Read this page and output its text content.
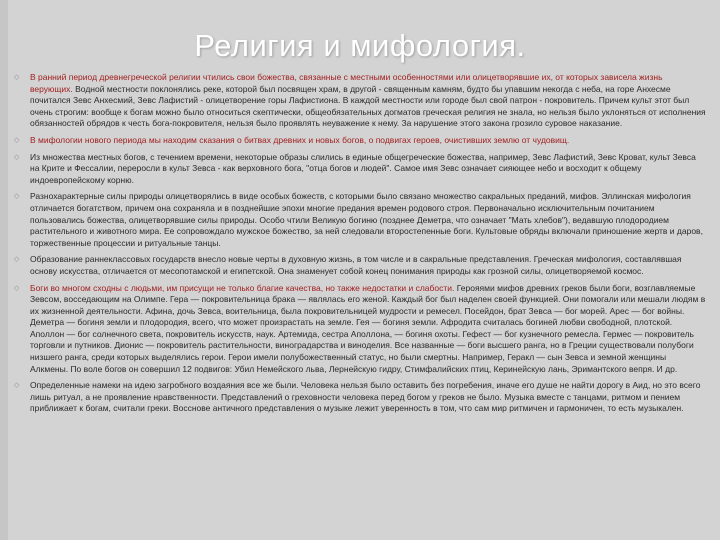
Религия и мифология.
◇	В ранний период древнегреческой религии чтились свои божества, связанные с местными особенностями или олицетворявшие их, от которых зависела жизнь верующих. Водной местности поклонялись реке, которой был посвящен храм, в другой - священным камням, будто бы упавшим некогда с неба, на горе Анхесме почитался Зевс Анхесмий, Зевс Лафистий - олицетворение горы Лафистиона. В каждой местности или городе был свой патрон - покровитель. Причем культ этот был очень строгим: вообще к богам можно было относиться скептически, общеобязательных догматов греческая религия не знала, но нельзя было уклоняться от исполнения обязанностей обрядов к честь бога-покровителя, нельзя было проявлять неуважение к нему. За нарушение этого закона грозило суровое наказание.
◇	В мифологии нового периода мы находим сказания о битвах древних и новых богов, о подвигах героев, очистивших землю от чудовищ.
◇	Из множества местных богов, с течением времени, некоторые образы слились в единые общегреческие божества, например, Зевс Лафистий, Зевс Кроват, культ Зевса на Крите и Фессалии, переросли в культ Зевса - как верховного бога, "отца богов и людей". Самое имя Зевс означает сияющее небо и восходит к общему индоевропейскому корню.
◇	Разнохарактерные силы природы олицетворялись в виде особых божеств, с которыми было связано множество сакральных преданий, мифов. Эллинская мифология отличается богатством, причем она сохраняла и в позднейшие эпохи многие предания времен родового строя. Первоначально исключительным почитанием пользовались божества, олицетворявшие силы природы. Особо чтили Великую богиню (позднее Деметра, что означает "Мать хлебов"), ведавшую плодородием растительного и животного мира. Ее сопровождало мужское божество, за ней следовали второстепенные боги. Культовые обряды включали приношение жертв и даров, торжественные процессии и ритуальные танцы.
◇	Образование раннеклассовых государств внесло новые черты в духовную жизнь, в том числе и в сакральные представления. Греческая мифология, составлявшая основу искусства, отличается от месопотамской и египетской. Она знаменует собой конец понимания природы как грозной силы, олицетворяемой космос.
◇	Боги во многом сходны с людьми, им присущи не только благие качества, но также недостатки и слабости. Герояями мифов древних греков были боги, возглавляемые Зевсом, восседающим на Олимпе. Гера — покровительница брака — являлась его женой. Каждый бог был наделен своей функцией. Они помогали или мешали людям в их жизненной деятельности. Афина, дочь Зевса, воительница, была покровительницей мудрости и ремесел. Посейдон, брат Зевса — бог морей. Арес — бог войны. Деметра — богиня земли и плодородия, всего, что может произрастать на земле. Гея — богиня земли. Афродита считалась богиней любви свободной, плотской. Аполлон — бог солнечного света, покровитель искусств, наук. Артемида, сестра Аполлона, — богиня охоты. Гефест — бог кузнечного ремесла. Гермес — покровитель торговли и путников. Дионис — покровитель растительности, виноградарства и виноделия. Все названные — боги высшего ранга, но в Греции существовали полубоги низшего ранга, среди которых выделялись герои. Герои имели полубожественный статус, но были смертны. Например, Геракл — сын Зевса и земной женщины Алкмены. По воле богов он совершил 12 подвигов: Убил Немейского льва, Лернейскую гидру, Стимфалийских птиц, Керинейскую лань, Эримантского вепря. И др.
◇	Определенные намеки на идею загробного воздаяния все же были. Человека нельзя было оставить без погребения, иначе его душе не найти дорогу в Аид, но это всего лишь ритуал, а не проявление нравственности. Представлений о греховности человека перед богом у греков не было. Музыка вместе с танцами, ритмом и пением приближает к богам, считали греки. Восснове античного представления о музыке лежит уверенность в том, что сам мир ритмичен и гармоничен, то есть музыкален.
